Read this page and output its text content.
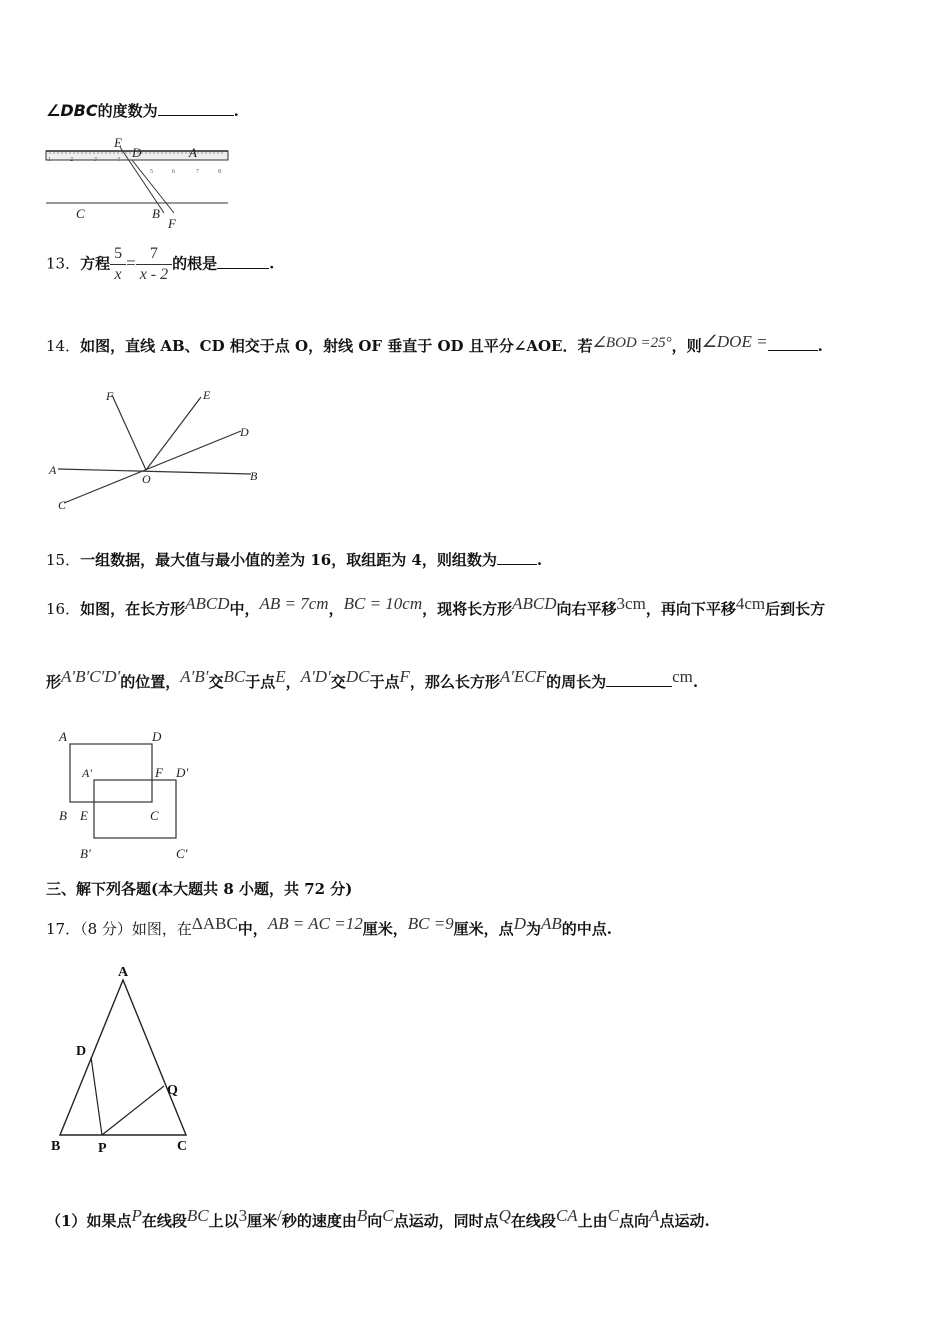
∠DBC的度数为	.
1	2	3	4
5	6	7	8
E
D	A
C	B
F
13．方程 $\frac{5}{x} = \frac{7}{x - 2}$ 的根是	.
14．如图，直线 AB、CD 相交于点 O，射线 OF 垂直于 OD 且平分∠AOE．若∠BOD =25°，则∠DOE =	.
F	E
D
A
O	B
C
15．一组数据，最大值与最小值的差为 16，取组距为 4，则组数为	.
16．如图，在长方形ABCD中，AB = 7cm，BC = 10cm，现将长方形ABCD向右平移3cm，再向下平移4cm后到长方
形A′B′C′D′的位置，A′B′交BC于点E，A′D′交DC于点F，那么长方形A′ECF的周长为	cm.
A	D
A'	F D'
B E	C
B'	C'
三、解下列各题(本大题共 8 小题，共 72 分)
17．（8 分）如图，在ΔABC中，AB = AC =12厘米，BC =9厘米，点D为AB的中点.
A
D
Q
B	P	C
（1）如果点P在线段BC上以3厘米/秒的速度由B向C点运动，同时点Q在线段CA上由C点向A点运动.
